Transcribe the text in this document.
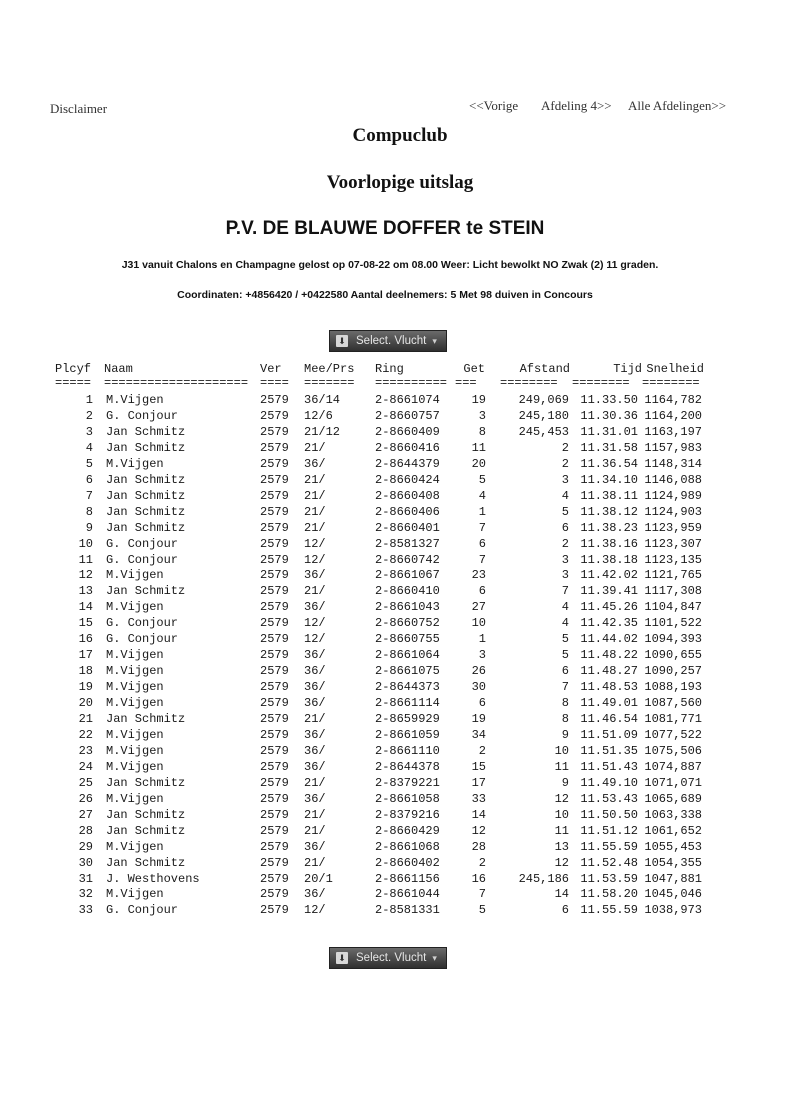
Disclaimer	<<Vorige Afdeling 4>> Alle Afdelingen>>
Compuclub
Voorlopige uitslag
P.V. DE BLAUWE DOFFER te STEIN
J31 vanuit Chalons en Champagne gelost op 07-08-22 om 08.00 Weer: Licht bewolkt NO Zwak (2) 11 graden.
Coordinaten: +4856420 / +0422580 Aantal deelnemers: 5 Met 98 duiven in Concours
⬇ Select. Vlucht ▾
Plcyf	Naam	Ver	Mee/Prs	Ring	Get	Afstand	Tijd Snelheid
=====	==================== ====	=======	========== ===	========	========	========
1 M.Vijgen	2579	36/14	2-8661074	19	249,069 11.33.50 1164,782
2 G. Conjour	2579	12/6	2-8660757	3	245,180 11.30.36 1164,200
3 Jan Schmitz	2579	21/12	2-8660409	8	245,453 11.31.01 1163,197
4 Jan Schmitz	2579	21/	2-8660416	11	2 11.31.58 1157,983
5 M.Vijgen	2579	36/	2-8644379	20	2 11.36.54 1148,314
6 Jan Schmitz	2579	21/	2-8660424	5	3 11.34.10 1146,088
7 Jan Schmitz	2579	21/	2-8660408	4	4 11.38.11 1124,989
8 Jan Schmitz	2579	21/	2-8660406	1	5 11.38.12 1124,903
9 Jan Schmitz	2579	21/	2-8660401	7	6 11.38.23 1123,959
10 G. Conjour	2579	12/	2-8581327	6	2 11.38.16 1123,307
11 G. Conjour	2579	12/	2-8660742	7	3 11.38.18 1123,135
12 M.Vijgen	2579	36/	2-8661067	23	3 11.42.02 1121,765
13 Jan Schmitz	2579	21/	2-8660410	6	7 11.39.41 1117,308
14 M.Vijgen	2579	36/	2-8661043	27	4 11.45.26 1104,847
15 G. Conjour	2579	12/	2-8660752	10	4 11.42.35 1101,522
16 G. Conjour	2579	12/	2-8660755	1	5 11.44.02 1094,393
17 M.Vijgen	2579	36/	2-8661064	3	5 11.48.22 1090,655
18 M.Vijgen	2579	36/	2-8661075	26	6 11.48.27 1090,257
19 M.Vijgen	2579	36/	2-8644373	30	7 11.48.53 1088,193
20 M.Vijgen	2579	36/	2-8661114	6	8 11.49.01 1087,560
21 Jan Schmitz	2579	21/	2-8659929	19	8 11.46.54 1081,771
22 M.Vijgen	2579	36/	2-8661059	34	9 11.51.09 1077,522
23 M.Vijgen	2579	36/	2-8661110	2	10 11.51.35 1075,506
24 M.Vijgen	2579	36/	2-8644378	15	11 11.51.43 1074,887
25 Jan Schmitz	2579	21/	2-8379221	17	9 11.49.10 1071,071
26 M.Vijgen	2579	36/	2-8661058	33	12 11.53.43 1065,689
27 Jan Schmitz	2579	21/	2-8379216	14	10 11.50.50 1063,338
28 Jan Schmitz	2579	21/	2-8660429	12	11 11.51.12 1061,652
29 M.Vijgen	2579	36/	2-8661068	28	13 11.55.59 1055,453
30 Jan Schmitz	2579	21/	2-8660402	2	12 11.52.48 1054,355
31 J. Westhovens	2579	20/1	2-8661156	16	245,186 11.53.59 1047,881
32 M.Vijgen	2579	36/	2-8661044	7	14 11.58.20 1045,046
33 G. Conjour	2579	12/	2-8581331	5	6 11.55.59 1038,973
⬇ Select. Vlucht ▾
